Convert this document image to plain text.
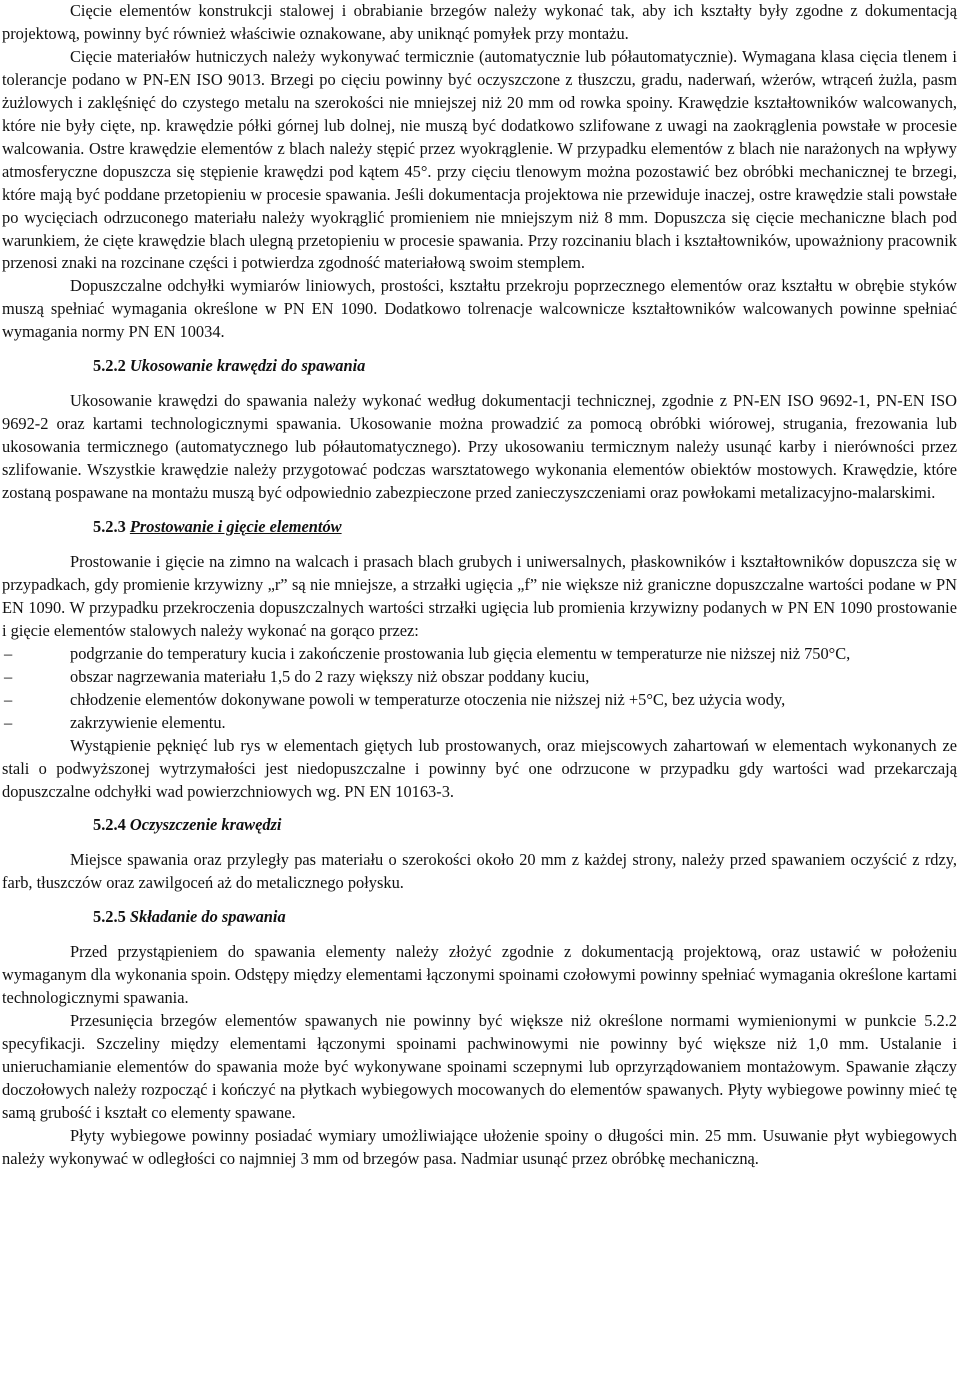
Cięcie elementów konstrukcji stalowej i obrabianie brzegów należy wykonać tak, aby ich kształty były zgodne z dokumentacją projektową, powinny być również właściwie oznakowane, aby uniknąć pomyłek przy montażu.

Cięcie materiałów hutniczych należy wykonywać termicznie (automatycznie lub półautomatycznie). Wymagana klasa cięcia tlenem i tolerancje podano w PN-EN ISO 9013. Brzegi po cięciu powinny być oczyszczone z tłuszczu, gradu, naderwań, wżerów, wtrąceń żużla, pasm żużlowych i zaklęśnięć do czystego metalu na szerokości nie mniejszej niż 20 mm od rowka spoiny. Krawędzie kształtowników walcowanych, które nie były cięte, np. krawędzie półki górnej lub dolnej, nie muszą być dodatkowo szlifowane z uwagi na zaokrąglenia powstałe w procesie walcowania. Ostre krawędzie elementów z blach należy stępić przez wyokrąglenie. W przypadku elementów z blach nie narażonych na wpływy atmosferyczne dopuszcza się stępienie krawędzi pod kątem 45°. przy cięciu tlenowym można pozostawić bez obróbki mechanicznej te brzegi, które mają być poddane przetopieniu w procesie spawania. Jeśli dokumentacja projektowa nie przewiduje inaczej, ostre krawędzie stali powstałe po wycięciach odrzuconego materiału należy wyokrąglić promieniem nie mniejszym niż 8 mm. Dopuszcza się cięcie mechaniczne blach pod warunkiem, że cięte krawędzie blach ulegną przetopieniu w procesie spawania. Przy rozcinaniu blach i kształtowników, upoważniony pracownik przenosi znaki na rozcinane części i potwierdza zgodność materiałową swoim stemplem.

Dopuszczalne odchyłki wymiarów liniowych, prostości, kształtu przekroju poprzecznego elementów oraz kształtu w obrębie styków muszą spełniać wymagania określone w PN EN 1090. Dodatkowo tolrenacje walcownicze kształtowników walcowanych powinne spełniać wymagania normy PN EN 10034.

5.2.2 Ukosowanie krawędzi do spawania

Ukosowanie krawędzi do spawania należy wykonać według dokumentacji technicznej, zgodnie z PN-EN ISO 9692-1, PN-EN ISO 9692-2 oraz kartami technologicznymi spawania. Ukosowanie można prowadzić za pomocą obróbki wiórowej, strugania, frezowania lub ukosowania termicznego (automatycznego lub półautomatycznego). Przy ukosowaniu termicznym należy usunąć karby i nierówności przez szlifowanie. Wszystkie krawędzie należy przygotować podczas warsztatowego wykonania elementów obiektów mostowych. Krawędzie, które zostaną pospawane na montażu muszą być odpowiednio zabezpieczone przed zanieczyszczeniami oraz powłokami metalizacyjno-malarskimi.

5.2.3 Prostowanie i gięcie elementów

Prostowanie i gięcie na zimno na walcach i prasach blach grubych i uniwersalnych, płaskowników i kształtowników dopuszcza się w przypadkach, gdy promienie krzywizny „r” są nie mniejsze, a strzałki ugięcia „f” nie większe niż graniczne dopuszczalne wartości podane w PN EN 1090. W przypadku przekroczenia dopuszczalnych wartości strzałki ugięcia lub promienia krzywizny podanych w PN EN 1090 prostowanie i gięcie elementów stalowych należy wykonać na gorąco przez:

–	podgrzanie do temperatury kucia i zakończenie prostowania lub gięcia elementu w temperaturze nie niższej niż 750°C,
–	obszar nagrzewania materiału 1,5 do 2 razy większy niż obszar poddany kuciu,
–	chłodzenie elementów dokonywane powoli w temperaturze otoczenia nie niższej niż +5°C, bez użycia wody,
–	zakrzywienie elementu.

Wystąpienie pęknięć lub rys w elementach giętych lub prostowanych, oraz miejscowych zahartowań w elementach wykonanych ze stali o podwyższonej wytrzymałości jest niedopuszczalne i powinny być one odrzucone w przypadku gdy wartości wad przekarczają dopuszczalne odchyłki wad powierzchniowych wg. PN EN 10163-3.

5.2.4 Oczyszczenie krawędzi

Miejsce spawania oraz przyległy pas materiału o szerokości około 20 mm z każdej strony, należy przed spawaniem oczyścić z rdzy, farb, tłuszczów oraz zawilgoceń aż do metalicznego połysku.

5.2.5 Składanie do spawania

Przed przystąpieniem do spawania elementy należy złożyć zgodnie z dokumentacją projektową, oraz ustawić w położeniu wymaganym dla wykonania spoin. Odstępy między elementami łączonymi spoinami czołowymi powinny spełniać wymagania określone kartami technologicznymi spawania.

Przesunięcia brzegów elementów spawanych nie powinny być większe niż określone normami wymienionymi w punkcie 5.2.2 specyfikacji. Szczeliny między elementami łączonymi spoinami pachwinowymi nie powinny być większe niż 1,0 mm. Ustalanie i unieruchamianie elementów do spawania może być wykonywane spoinami sczepnymi lub oprzyrządowaniem montażowym. Spawanie złączy doczołowych należy rozpocząć i kończyć na płytkach wybiegowych mocowanych do elementów spawanych. Płyty wybiegowe powinny mieć tę samą grubość i kształt co elementy spawane.

Płyty wybiegowe powinny posiadać wymiary umożliwiające ułożenie spoiny o długości min. 25 mm. Usuwanie płyt wybiegowych należy wykonywać w odległości co najmniej 3 mm od brzegów pasa. Nadmiar usunąć przez obróbkę mechaniczną.
